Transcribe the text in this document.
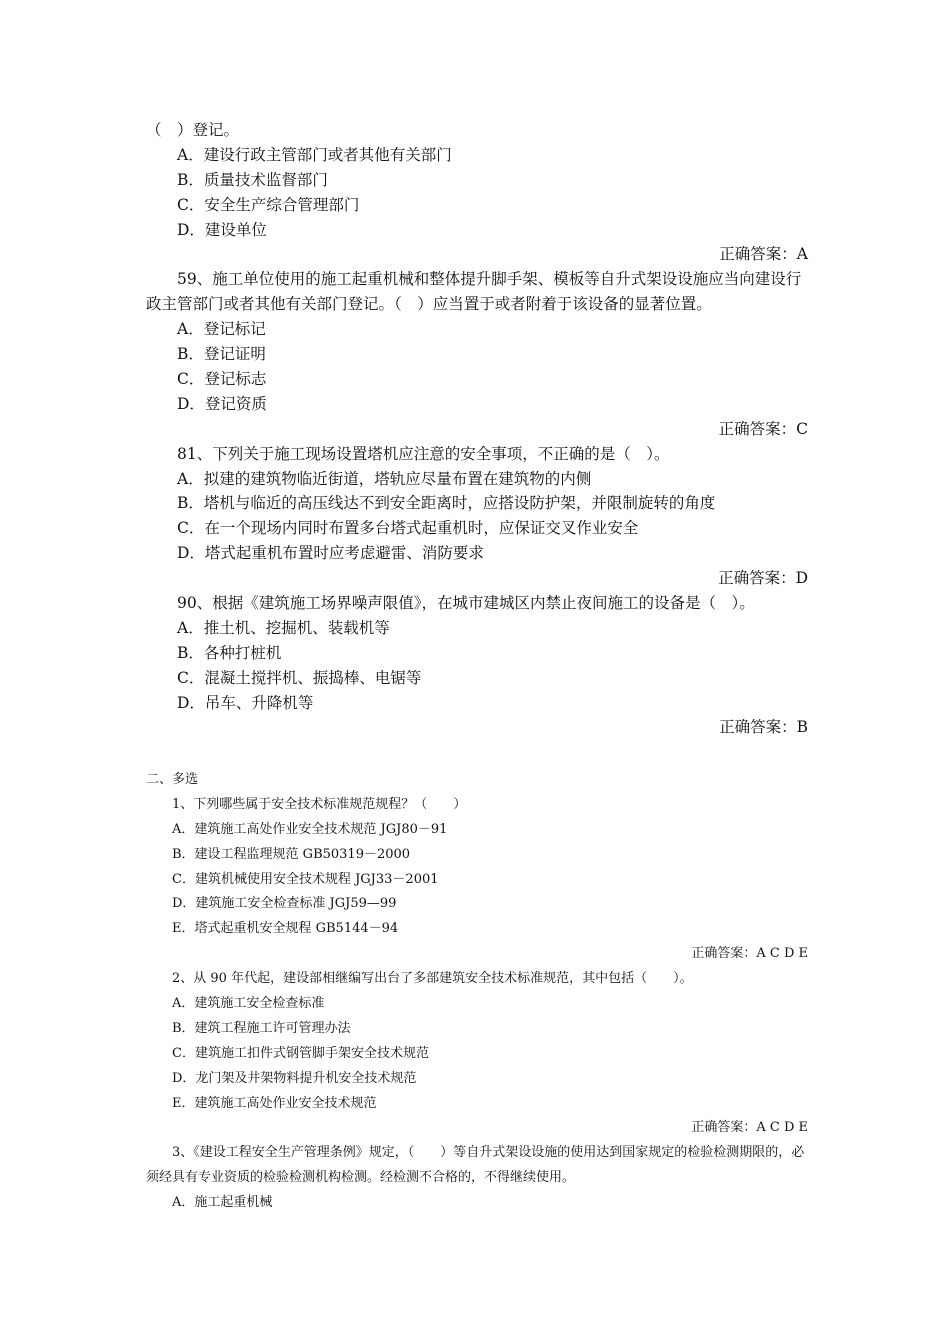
（　）登记。
A．建设行政主管部门或者其他有关部门
B．质量技术监督部门
C．安全生产综合管理部门
D．建设单位
正确答案：A
59、施工单位使用的施工起重机械和整体提升脚手架、模板等自升式架设设施应当向建设行政主管部门或者其他有关部门登记。（　）应当置于或者附着于该设备的显著位置。
A．登记标记
B．登记证明
C．登记标志
D．登记资质
正确答案：C
81、下列关于施工现场设置塔机应注意的安全事项，不正确的是（　）。
A．拟建的建筑物临近街道，塔轨应尽量布置在建筑物的内侧
B．塔机与临近的高压线达不到安全距离时，应搭设防护架，并限制旋转的角度
C．在一个现场内同时布置多台塔式起重机时，应保证交叉作业安全
D．塔式起重机布置时应考虑避雷、消防要求
正确答案：D
90、根据《建筑施工场界噪声限值》，在城市建城区内禁止夜间施工的设备是（　）。
A．推土机、挖掘机、装载机等
B．各种打桩机
C．混凝土搅拌机、振捣棒、电锯等
D．吊车、升降机等
正确答案：B
二、多选
1、下列哪些属于安全技术标准规范规程？（　　）
A．建筑施工高处作业安全技术规范 JGJ80－91
B．建设工程监理规范 GB50319－2000
C．建筑机械使用安全技术规程 JGJ33－2001
D．建筑施工安全检查标准 JGJ59—99
E．塔式起重机安全规程 GB5144－94
正确答案：A C D E
2、从 90 年代起，建设部相继编写出台了多部建筑安全技术标准规范，其中包括（　　）。
A．建筑施工安全检查标准
B．建筑工程施工许可管理办法
C．建筑施工扣件式钢管脚手架安全技术规范
D．龙门架及井架物料提升机安全技术规范
E．建筑施工高处作业安全技术规范
正确答案：A C D E
3、《建设工程安全生产管理条例》规定，（　　）等自升式架设设施的使用达到国家规定的检验检测期限的，必须经具有专业资质的检验检测机构检测。经检测不合格的，不得继续使用。
A．施工起重机械
